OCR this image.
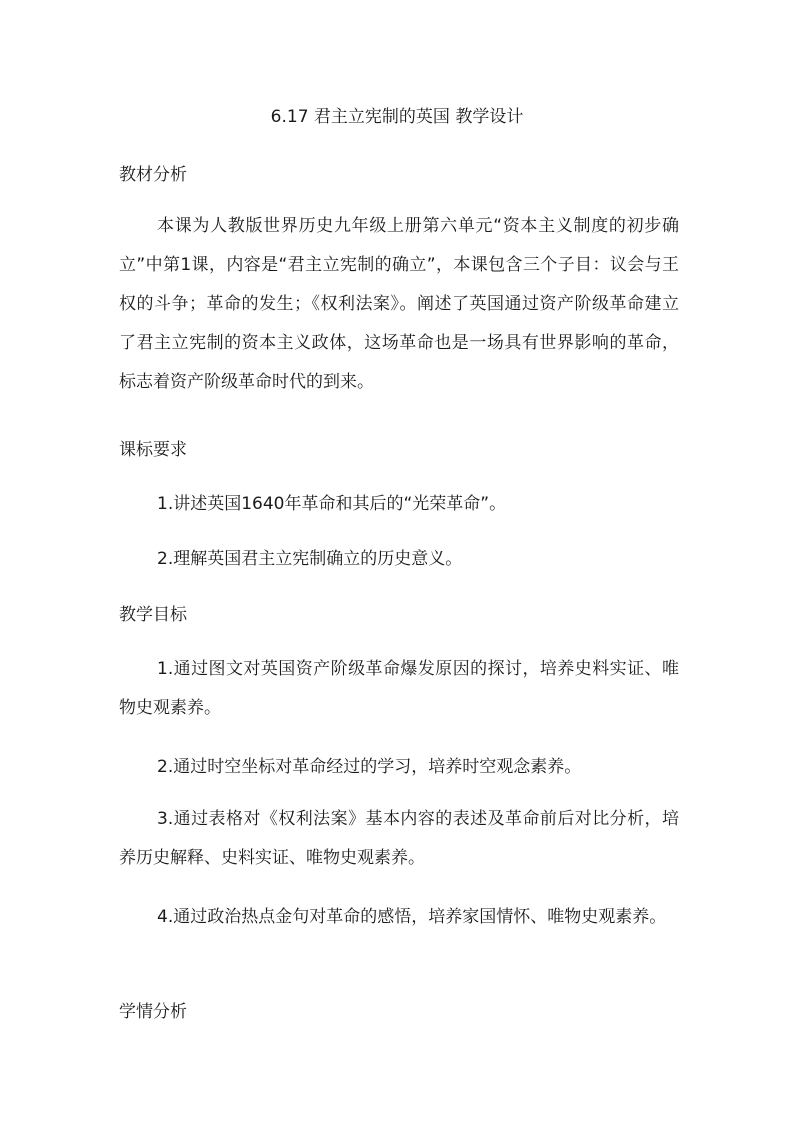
6.17 君主立宪制的英国 教学设计
教材分析

本课为人教版世界历史九年级上册第六单元“资本主义制度的初步确立”中第1课，内容是“君主立宪制的确立”，本课包含三个子目：议会与王权的斗争；革命的发生；《权利法案》。阐述了英国通过资产阶级革命建立了君主立宪制的资本主义政体，这场革命也是一场具有世界影响的革命，标志着资产阶级革命时代的到来。

课标要求

1.讲述英国1640年革命和其后的“光荣革命”。

2.理解英国君主立宪制确立的历史意义。

教学目标

1.通过图文对英国资产阶级革命爆发原因的探讨，培养史料实证、唯物史观素养。

2.通过时空坐标对革命经过的学习，培养时空观念素养。

3.通过表格对《权利法案》基本内容的表述及革命前后对比分析，培养历史解释、史料实证、唯物史观素养。

4.通过政治热点金句对革命的感悟，培养家国情怀、唯物史观素养。

学情分析
